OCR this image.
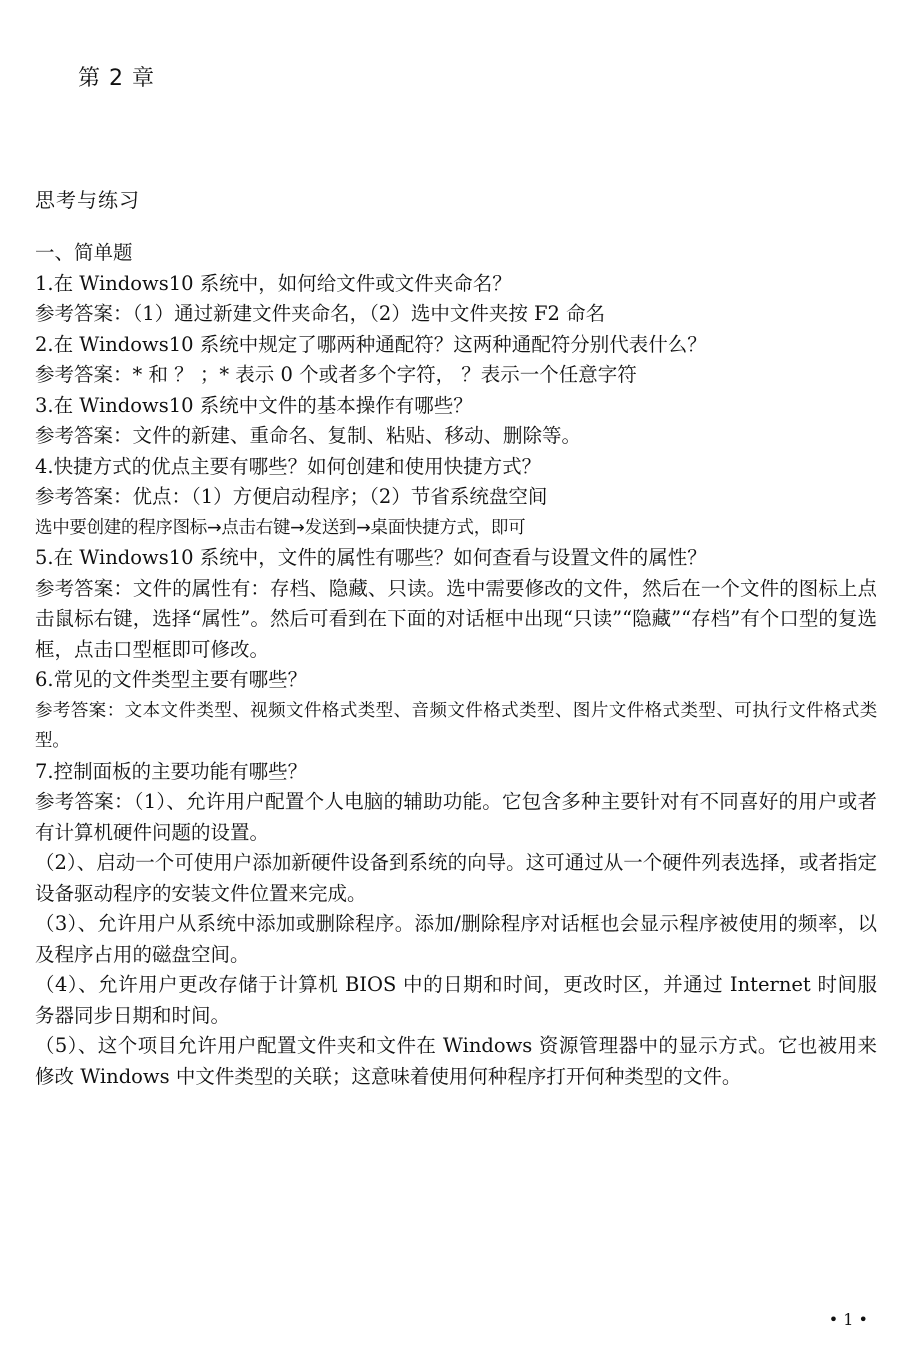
第 2 章
思考与练习
一、简单题
1.在 Windows10 系统中，如何给文件或文件夹命名？
参考答案：（1）通过新建文件夹命名，（2）选中文件夹按 F2 命名
2.在 Windows10 系统中规定了哪两种通配符？这两种通配符分别代表什么？
参考答案：* 和 ？ ；* 表示 0 个或者多个字符， ？表示一个任意字符
3.在 Windows10 系统中文件的基本操作有哪些？
参考答案：文件的新建、重命名、复制、粘贴、移动、删除等。
4.快捷方式的优点主要有哪些？如何创建和使用快捷方式？
参考答案：优点：（1）方便启动程序；（2）节省系统盘空间
选中要创建的程序图标→点击右键→发送到→桌面快捷方式，即可
5.在 Windows10 系统中，文件的属性有哪些？如何查看与设置文件的属性？
参考答案：文件的属性有：存档、隐藏、只读。选中需要修改的文件，然后在一个文件的图标上点击鼠标右键，选择“属性”。然后可看到在下面的对话框中出现“只读”“隐藏”“存档”有个口型的复选框，点击口型框即可修改。
6.常见的文件类型主要有哪些？
参考答案：文本文件类型、视频文件格式类型、音频文件格式类型、图片文件格式类型、可执行文件格式类型。
7.控制面板的主要功能有哪些？
参考答案：（1）、允许用户配置个人电脑的辅助功能。它包含多种主要针对有不同喜好的用户或者有计算机硬件问题的设置。
（2）、启动一个可使用户添加新硬件设备到系统的向导。这可通过从一个硬件列表选择，或者指定设备驱动程序的安装文件位置来完成。
（3）、允许用户从系统中添加或删除程序。添加/删除程序对话框也会显示程序被使用的频率，以及程序占用的磁盘空间。
（4）、允许用户更改存储于计算机 BIOS 中的日期和时间，更改时区，并通过 Internet 时间服务器同步日期和时间。
（5）、这个项目允许用户配置文件夹和文件在 Windows 资源管理器中的显示方式。它也被用来修改 Windows 中文件类型的关联；这意味着使用何种程序打开何种类型的文件。
• 1 •
